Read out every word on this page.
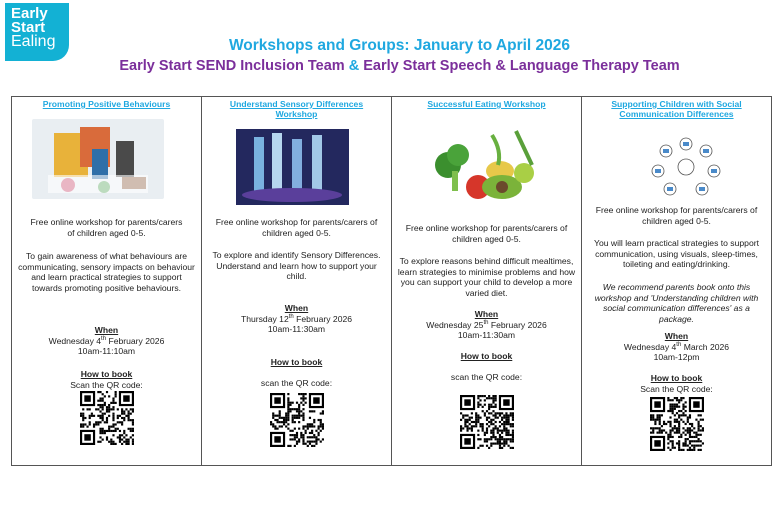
Early
Start
Ealing	Workshops and Groups: January to April 2026
Early Start SEND Inclusion Team & Early Start Speech & Language Therapy Team
Promoting Positive Behaviours
Free online workshop for parents/carers of children aged 0-5.
To gain awareness of what behaviours are communicating, sensory impacts on behaviour and learn practical strategies to support towards promoting positive behaviours.
When
Wednesday 4th February 2026
10am-11:10am
How to book
Scan the QR code:
Understand Sensory Differences Workshop
Free online workshop for parents/carers of children aged 0-5.
To explore and identify Sensory Differences. Understand and learn how to support your child.
When
Thursday 12th February 2026
10am-11:30am
How to book
scan the QR code:
Successful Eating Workshop
Free online workshop for parents/carers of children aged 0-5.
To explore reasons behind difficult mealtimes, learn strategies to minimise problems and how you can support your child to develop a more varied diet.
When
Wednesday 25th February 2026
10am-11:30am
How to book
scan the QR code:
Supporting Children with Social Communication Differences
Free online workshop for parents/carers of children aged 0-5.
You will learn practical strategies to support communication, using visuals, sleep-times, toileting and eating/drinking.
We recommend parents book onto this workshop and 'Understanding children with social communication differences' as a package.
When
Wednesday 4th March 2026
10am-12pm
How to book
Scan the QR code:
